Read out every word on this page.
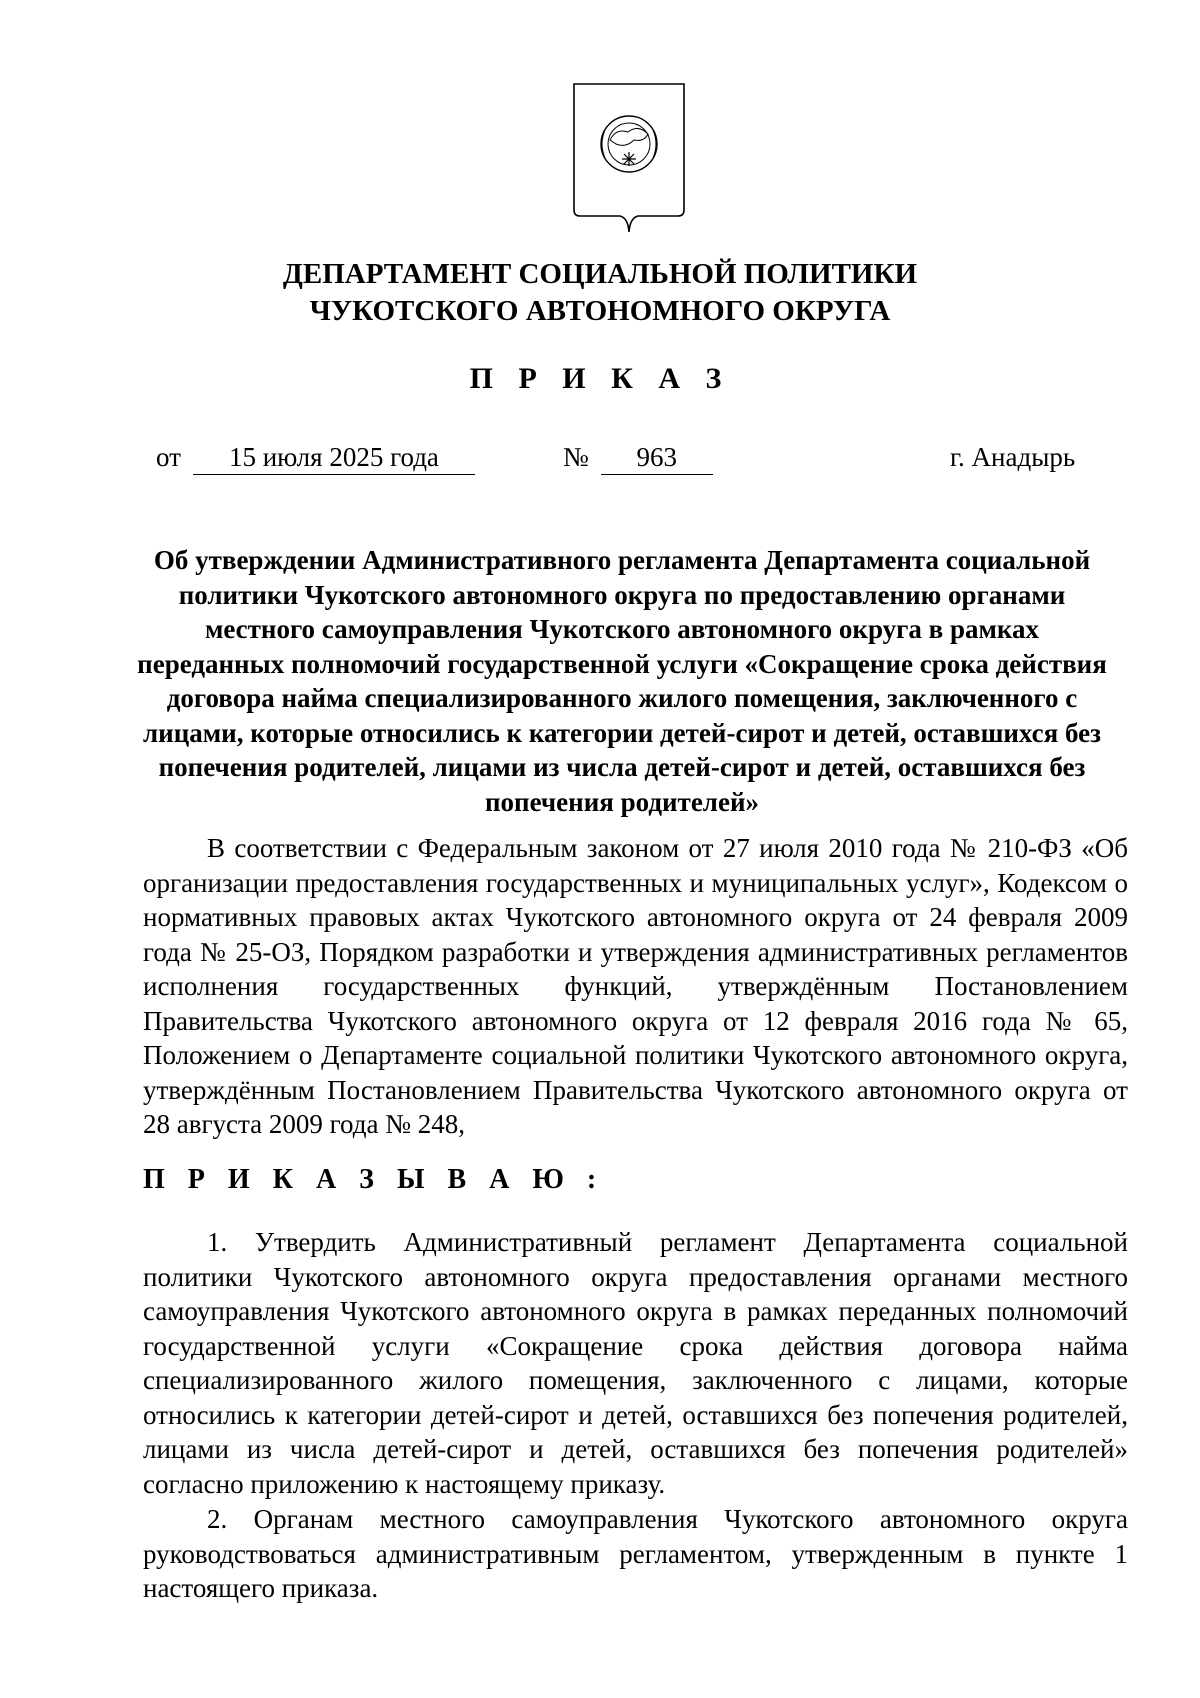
ДЕПАРТАМЕНТ СОЦИАЛЬНОЙ ПОЛИТИКИ
ЧУКОТСКОГО АВТОНОМНОГО ОКРУГА
П Р И К А З
от 15 июля 2025 года	№ 963	г. Анадырь
Об утверждении Административного регламента Департамента социальной политики Чукотского автономного округа по предоставлению органами местного самоуправления Чукотского автономного округа в рамках переданных полномочий государственной услуги «Сокращение срока действия договора найма специализированного жилого помещения, заключенного с лицами, которые относились к категории детей-сирот и детей, оставшихся без попечения родителей, лицами из числа детей-сирот и детей, оставшихся без попечения родителей»

В соответствии с Федеральным законом от 27 июля 2010 года № 210-ФЗ «Об организации предоставления государственных и муниципальных услуг», Кодексом о нормативных правовых актах Чукотского автономного округа от 24 февраля 2009 года № 25-ОЗ, Порядком разработки и утверждения административных регламентов исполнения государственных функций, утверждённым Постановлением Правительства Чукотского автономного округа от 12 февраля 2016 года № 65, Положением о Департаменте социальной политики Чукотского автономного округа, утверждённым Постановлением Правительства Чукотского автономного округа от 28 августа 2009 года № 248,

П Р И К А З Ы В А Ю :

1. Утвердить Административный регламент Департамента социальной политики Чукотского автономного округа предоставления органами местного самоуправления Чукотского автономного округа в рамках переданных полномочий государственной услуги «Сокращение срока действия договора найма специализированного жилого помещения, заключенного с лицами, которые относились к категории детей-сирот и детей, оставшихся без попечения родителей, лицами из числа детей-сирот и детей, оставшихся без попечения родителей» согласно приложению к настоящему приказу.

2. Органам местного самоуправления Чукотского автономного округа руководствоваться административным регламентом, утвержденным в пункте 1 настоящего приказа.
